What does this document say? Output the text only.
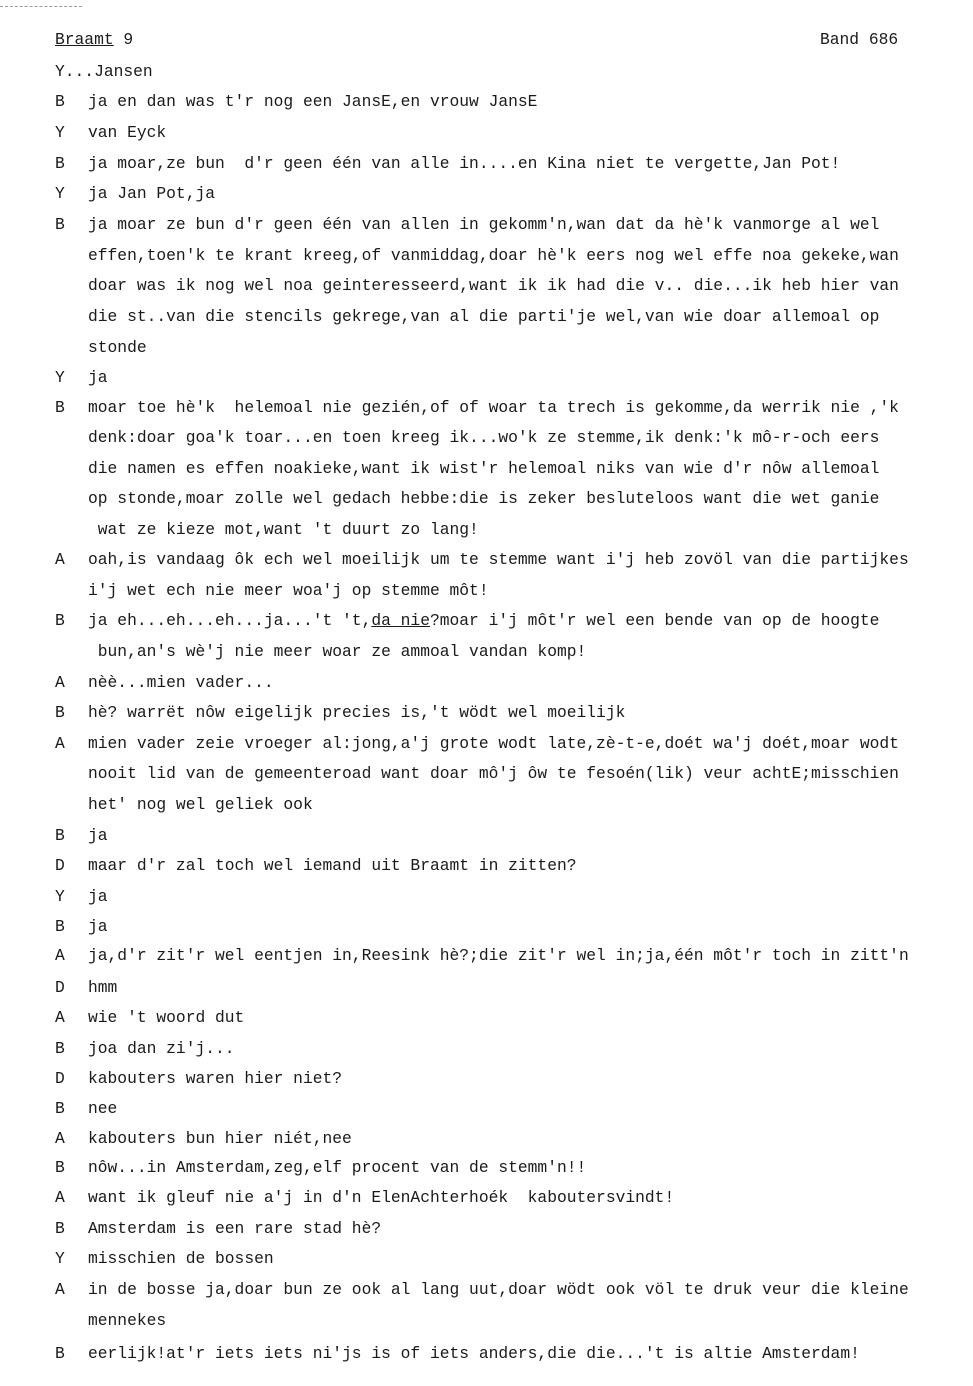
Braamt 9	Band 686
Y...Jansen
B	ja en dan was t'r nog een JansE,en vrouw JansE
Y	van Eyck
B	ja moar,ze bun  d'r geen één van alle in....en Kina niet te vergette,Jan Pot!
Y	ja Jan Pot,ja
B	ja moar ze bun d'r geen één van allen in gekomm'n,wan dat da hè'k vanmorge al wel
effen,toen'k te krant kreeg,of vanmiddag,doar hè'k eers nog wel effe noa gekeke,wan
doar was ik nog wel noa geinteresseerd,want ik ik had die v.. die...ik heb hier van
die st..van die stencils gekrege,van al die parti'je wel,van wie doar allemoal op
stonde
Y	ja
B	moar toe hè'k  helemoal nie gezién,of of woar ta trech is gekomme,da werrik nie ,'k
denk:doar goa'k toar...en toen kreeg ik...wo'k ze stemme,ik denk:'k mô-r-och eers
die namen es effen noakieke,want ik wist'r helemoal niks van wie d'r nôw allemoal
op stonde,moar zolle wel gedach hebbe:die is zeker besluteloos want die wet ganie
wat ze kieze mot,want 't duurt zo lang!
A	oah,is vandaag ôk ech wel moeilijk um te stemme want i'j heb zovöl van die partijkes
i'j wet ech nie meer woa'j op stemme môt!
B	ja eh...eh...eh...ja...'t 't,da nie?moar i'j môt'r wel een bende van op de hoogte
bun,an's wè'j nie meer woar ze ammoal vandan komp!
A	nèè...mien vader...
B	hè? warrët nôw eigelijk precies is,'t wödt wel moeilijk
A	mien vader zeie vroeger al:jong,a'j grote wodt late,zè-t-e,doét wa'j doét,moar wodt
nooit lid van de gemeenteroad want doar mô'j ôw te fesoén(lik) veur achtE;misschien
het' nog wel geliek ook
B	ja
D	maar d'r zal toch wel iemand uit Braamt in zitten?
Y	ja
B	ja
A	ja,d'r zit'r wel eentjen in,Reesink hè?;die zit'r wel in;ja,één môt'r toch in zitt'n
D	hmm
A	wie 't woord dut
B	joa dan zi'j...
D	kabouters waren hier niet?
B	nee
A	kabouters bun hier niét,nee
B	nôw...in Amsterdam,zeg,elf procent van de stemm'n!!
A	want ik gleuf nie a'j in d'n ElenAchterhoék  kaboutersvindt!
B	Amsterdam is een rare stad hè?
Y	misschien de bossen
A	in de bosse ja,doar bun ze ook al lang uut,doar wödt ook völ te druk veur die kleine
mennekes
B	eerlijk!at'r iets iets ni'js is of iets anders,die die...'t is altie Amsterdam!
